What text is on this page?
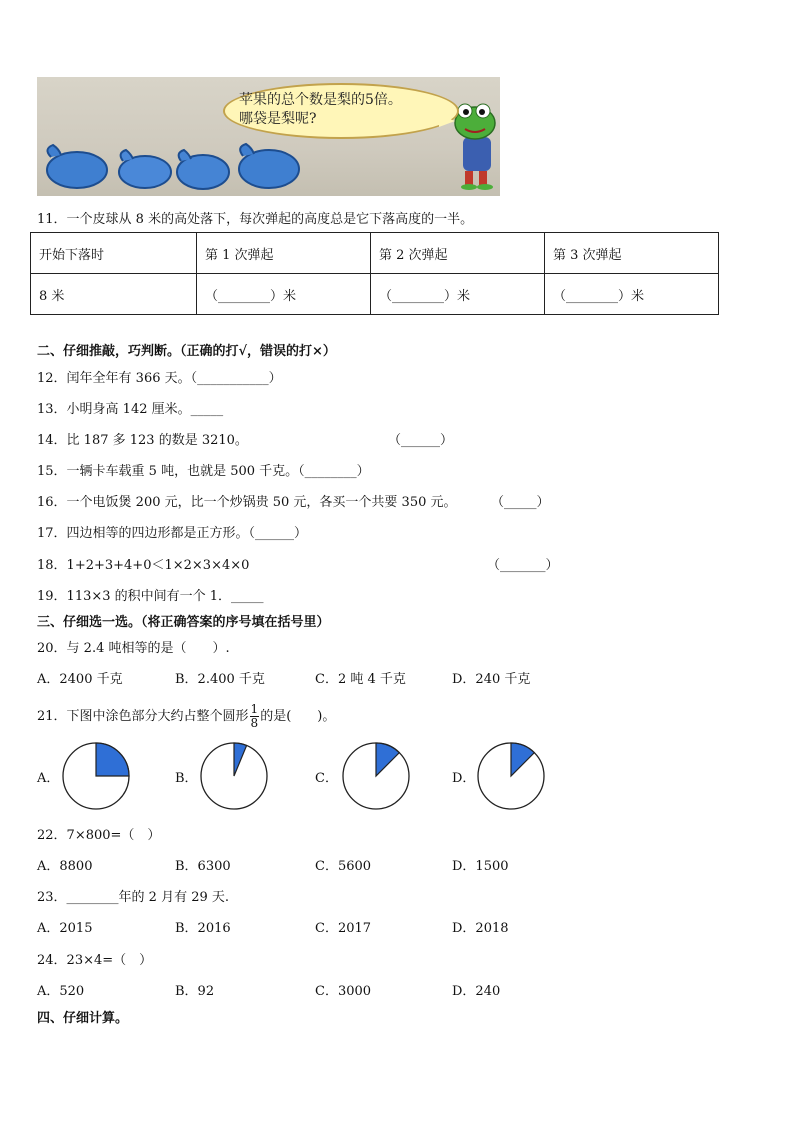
苹果的总个数是梨的5倍。
哪袋是梨呢?
11．一个皮球从 8 米的高处落下，每次弹起的高度总是它下落高度的一半。
开始下落时	第 1 次弹起	第 2 次弹起	第 3 次弹起
8 米	（________）米	（________）米	（________）米
二、仔细推敲，巧判断。（正确的打√，错误的打×）
12．闰年全年有 366 天。（___________）
13．小明身高 142 厘米。_____
14．比 187 多 123 的数是 3210。	（______）
15．一辆卡车载重 5 吨，也就是 500 千克。（________）
16．一个电饭煲 200 元，比一个炒锅贵 50 元，各买一个共要 350 元。	（_____）
17．四边相等的四边形都是正方形。（______）
18．1+2+3+4+0＜1×2×3×4×0	（_______）
19．113×3 的积中间有一个 1．_____
三、仔细选一选。（将正确答案的序号填在括号里）
20．与 2.4 吨相等的是（　　）.
A．2400 千克	B．2.400 千克	C．2 吨 4 千克	D．240 千克
21．下图中涂色部分大约占整个圆形 $\frac{1}{8}$ 的是(　　)。
A．	B．	C．	D．
22．7×800=（　）
A．8800	B．6300	C．5600	D．1500
23．________年的 2 月有 29 天.
A．2015	B．2016	C．2017	D．2018
24．23×4=（　）
A．520	B．92	C．3000	D．240
四、仔细计算。
